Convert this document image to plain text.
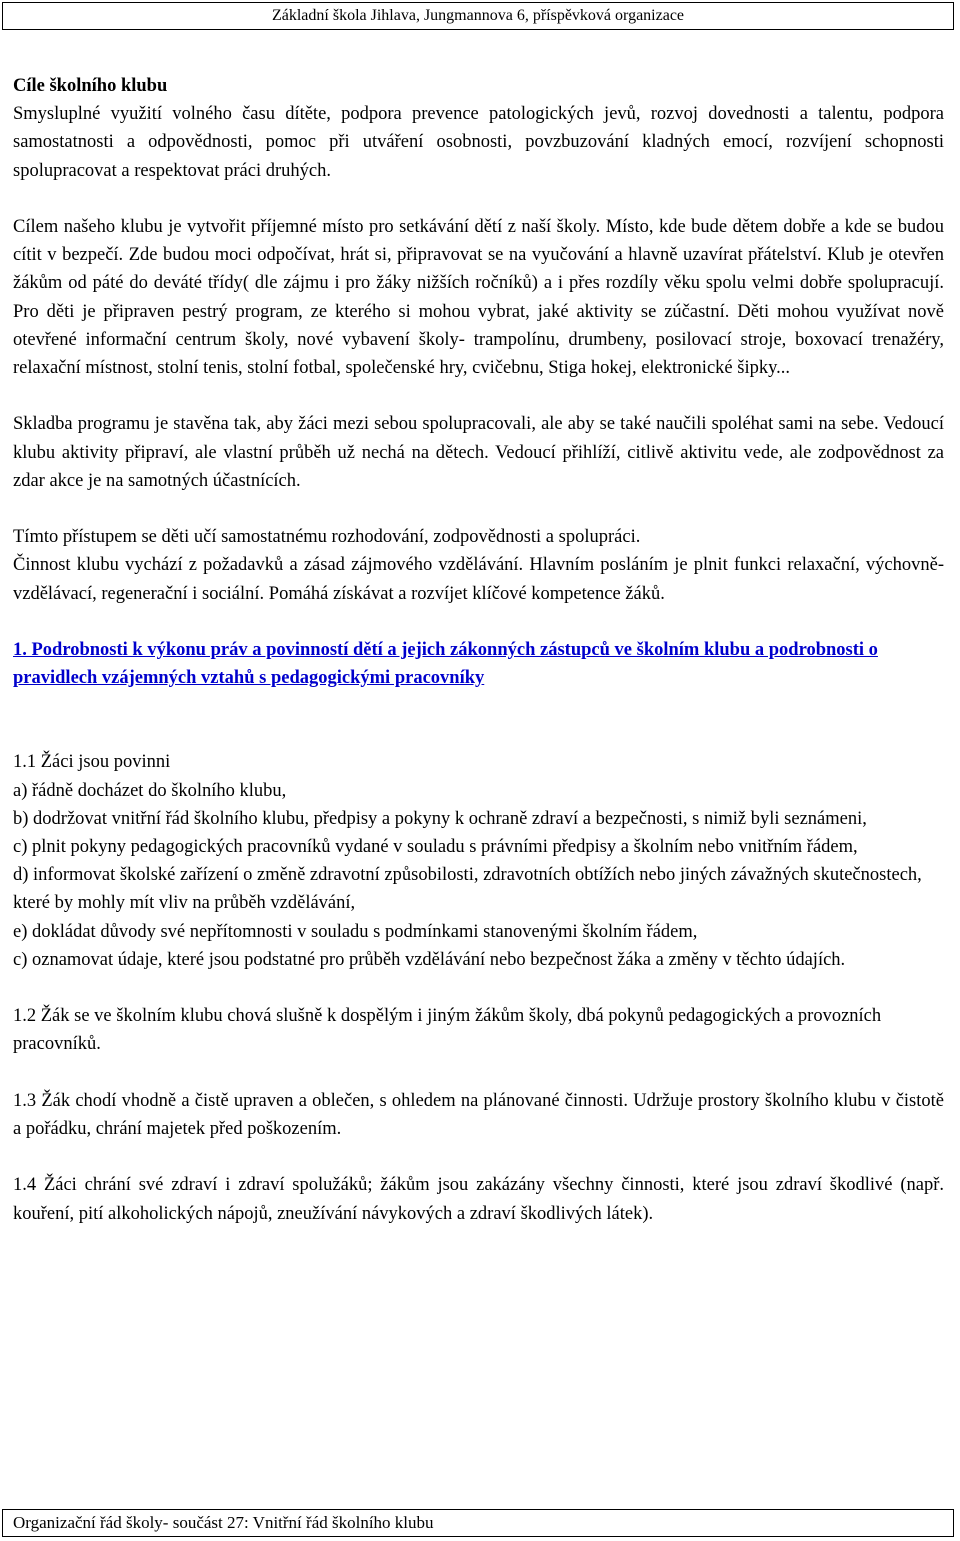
Základní škola Jihlava, Jungmannova 6, příspěvková organizace

Cíle školního klubu

Smysluplné využití volného času dítěte, podpora prevence patologických jevů, rozvoj dovednosti a talentu, podpora samostatnosti a odpovědnosti, pomoc při utváření osobnosti, povzbuzování kladných emocí, rozvíjení schopnosti spolupracovat a respektovat práci druhých.

Cílem našeho klubu je vytvořit příjemné místo pro setkávání dětí z naší školy. Místo, kde bude dětem dobře a kde se budou cítit v bezpečí. Zde budou moci odpočívat, hrát si, připravovat se na vyučování a hlavně uzavírat přátelství. Klub je otevřen žákům od páté do deváté třídy( dle zájmu i pro žáky nižších ročníků) a i přes rozdíly věku spolu velmi dobře spolupracují. Pro děti je připraven pestrý program, ze kterého si mohou vybrat, jaké aktivity se zúčastní. Děti mohou využívat nově otevřené informační centrum školy, nové vybavení školy- trampolínu, drumbeny, posilovací stroje, boxovací trenažéry, relaxační místnost, stolní tenis, stolní fotbal, společenské hry, cvičebnu, Stiga hokej, elektronické šipky...

Skladba programu je stavěna tak, aby žáci mezi sebou spolupracovali, ale aby se také naučili spoléhat sami na sebe. Vedoucí klubu aktivity připraví, ale vlastní průběh už nechá na dětech. Vedoucí přihlíží, citlivě aktivitu vede, ale zodpovědnost za zdar akce je na samotných účastnících.

Tímto přístupem se děti učí samostatnému rozhodování, zodpovědnosti a spolupráci.

Činnost klubu vychází z požadavků a zásad zájmového vzdělávání. Hlavním posláním je plnit funkci relaxační, výchovně-vzdělávací, regenerační i sociální. Pomáhá získávat a rozvíjet klíčové kompetence žáků.

1. Podrobnosti k výkonu práv a povinností dětí a jejich zákonných zástupců ve školním klubu a podrobnosti o pravidlech vzájemných vztahů s pedagogickými pracovníky

1.1 Žáci jsou povinni

a) řádně docházet do školního klubu,

b) dodržovat vnitřní řád školního klubu, předpisy a pokyny k ochraně zdraví a bezpečnosti, s nimiž byli seznámeni,

c) plnit pokyny pedagogických pracovníků vydané v souladu s právními předpisy a školním nebo vnitřním řádem,

d) informovat školské zařízení o změně zdravotní způsobilosti, zdravotních obtížích nebo jiných závažných skutečnostech, které by mohly mít vliv na průběh vzdělávání,

e) dokládat důvody své nepřítomnosti v souladu s podmínkami stanovenými školním řádem,

c) oznamovat údaje, které jsou podstatné pro průběh vzdělávání nebo bezpečnost žáka a změny v těchto údajích.

1.2 Žák se ve školním klubu chová slušně k dospělým i jiným žákům školy, dbá pokynů pedagogických a provozních pracovníků.

1.3 Žák chodí vhodně a čistě upraven a oblečen, s ohledem na plánované činnosti. Udržuje prostory školního klubu v čistotě a pořádku, chrání majetek před poškozením.

1.4 Žáci chrání své zdraví i zdraví spolužáků; žákům jsou zakázány všechny činnosti, které jsou zdraví škodlivé (např. kouření, pití alkoholických nápojů, zneužívání návykových a zdraví škodlivých látek).

Organizační řád školy- součást 27: Vnitřní řád školního klubu
